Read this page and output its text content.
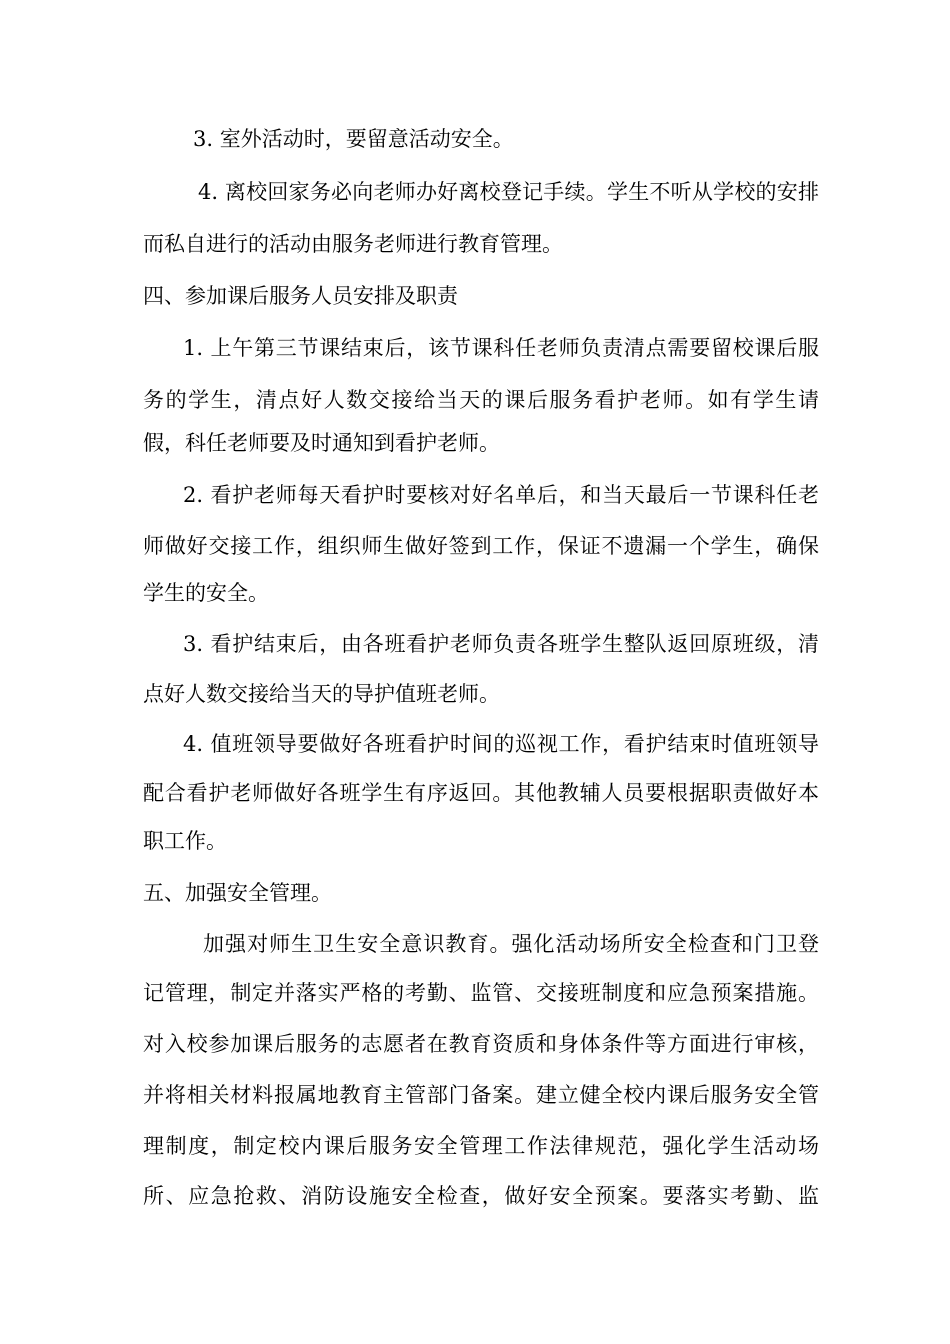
3. 室外活动时，要留意活动安全。
4. 离校回家务必向老师办好离校登记手续。学生不听从学校的安排
而私自进行的活动由服务老师进行教育管理。
四、参加课后服务人员安排及职责
1. 上午第三节课结束后，该节课科任老师负责清点需要留校课后服
务的学生，清点好人数交接给当天的课后服务看护老师。如有学生请
假，科任老师要及时通知到看护老师。
2. 看护老师每天看护时要核对好名单后，和当天最后一节课科任老
师做好交接工作，组织师生做好签到工作，保证不遗漏一个学生，确保
学生的安全。
3. 看护结束后，由各班看护老师负责各班学生整队返回原班级，清
点好人数交接给当天的导护值班老师。
4. 值班领导要做好各班看护时间的巡视工作，看护结束时值班领导
配合看护老师做好各班学生有序返回。其他教辅人员要根据职责做好本
职工作。
五、加强安全管理。
加强对师生卫生安全意识教育。强化活动场所安全检查和门卫登
记管理，制定并落实严格的考勤、监管、交接班制度和应急预案措施。
对入校参加课后服务的志愿者在教育资质和身体条件等方面进行审核，
并将相关材料报属地教育主管部门备案。建立健全校内课后服务安全管
理制度，制定校内课后服务安全管理工作法律规范，强化学生活动场
所、应急抢救、消防设施安全检查，做好安全预案。要落实考勤、监
